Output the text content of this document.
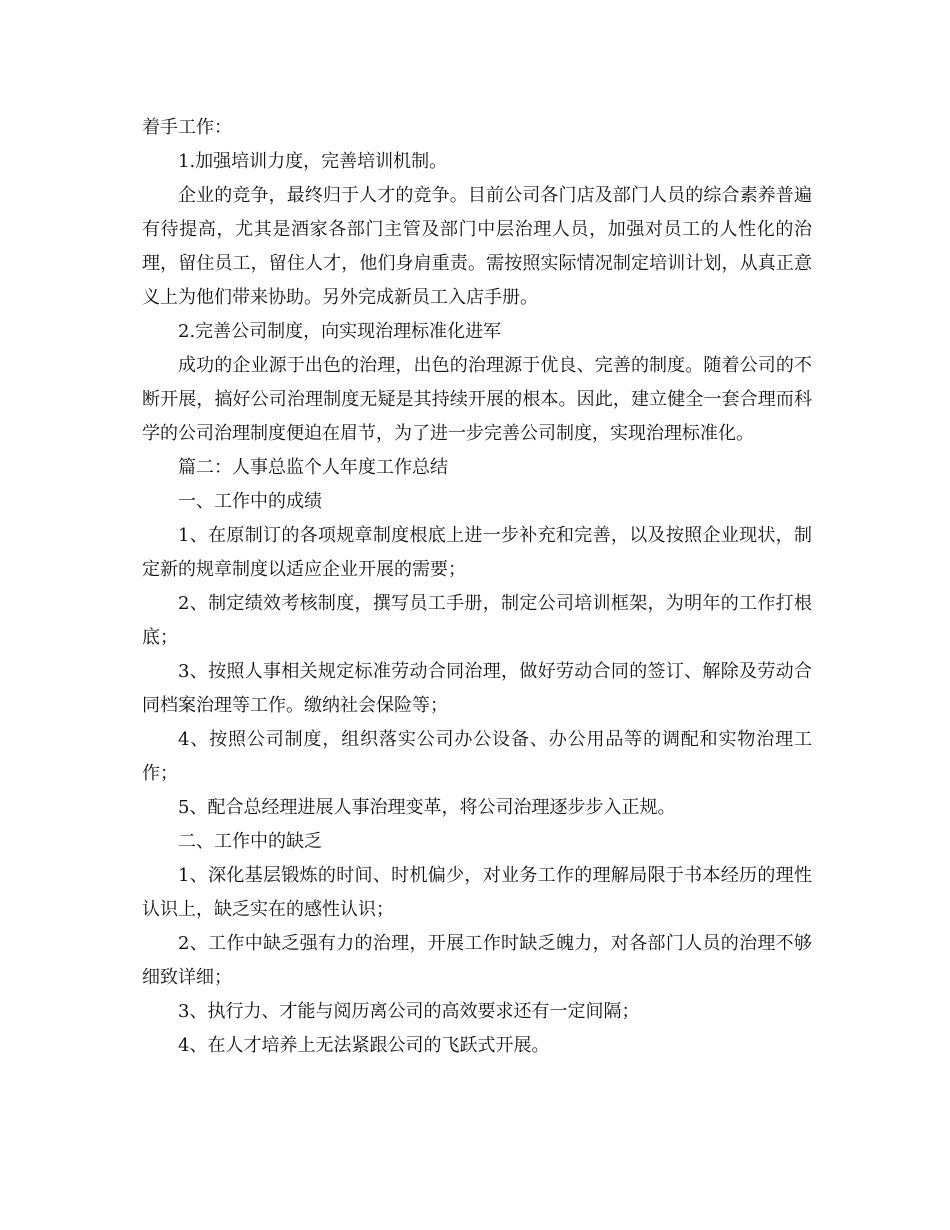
着手工作：

1.加强培训力度，完善培训机制。

企业的竞争，最终归于人才的竞争。目前公司各门店及部门人员的综合素养普遍有待提高，尤其是酒家各部门主管及部门中层治理人员，加强对员工的人性化的治理，留住员工，留住人才，他们身肩重责。需按照实际情况制定培训计划，从真正意义上为他们带来协助。另外完成新员工入店手册。

2.完善公司制度，向实现治理标准化进军

成功的企业源于出色的治理，出色的治理源于优良、完善的制度。随着公司的不断开展，搞好公司治理制度无疑是其持续开展的根本。因此，建立健全一套合理而科学的公司治理制度便迫在眉节，为了进一步完善公司制度，实现治理标准化。

篇二：人事总监个人年度工作总结

一、工作中的成绩

1、在原制订的各项规章制度根底上进一步补充和完善，以及按照企业现状，制定新的规章制度以适应企业开展的需要；

2、制定绩效考核制度，撰写员工手册，制定公司培训框架，为明年的工作打根底；

3、按照人事相关规定标准劳动合同治理，做好劳动合同的签订、解除及劳动合同档案治理等工作。缴纳社会保险等；

4、按照公司制度，组织落实公司办公设备、办公用品等的调配和实物治理工作；

5、配合总经理进展人事治理变革，将公司治理逐步步入正规。

二、工作中的缺乏

1、深化基层锻炼的时间、时机偏少，对业务工作的理解局限于书本经历的理性认识上，缺乏实在的感性认识；

2、工作中缺乏强有力的治理，开展工作时缺乏魄力，对各部门人员的治理不够细致详细；

3、执行力、才能与阅历离公司的高效要求还有一定间隔；

4、在人才培养上无法紧跟公司的飞跃式开展。
